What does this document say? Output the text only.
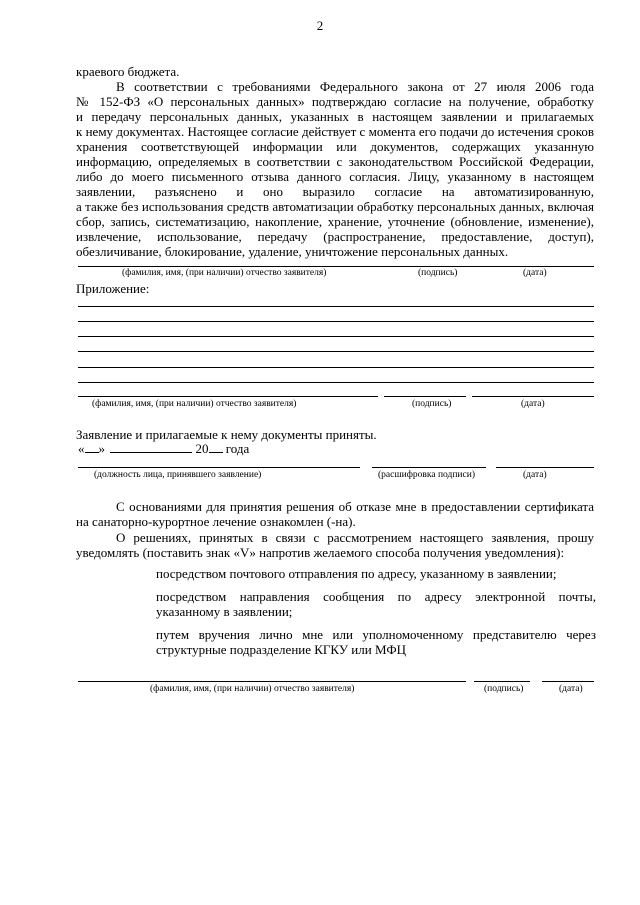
2
краевого бюджета.
В соответствии с требованиями Федерального закона от 27 июля 2006 года
№ 152-ФЗ «О персональных данных» подтверждаю согласие на получение, обработку
и передачу персональных данных, указанных в настоящем заявлении и прилагаемых
к нему документах. Настоящее согласие действует с момента его подачи до истечения сроков
хранения соответствующей информации или документов, содержащих указанную
информацию, определяемых в соответствии с законодательством Российской Федерации,
либо до моего письменного отзыва данного согласия. Лицу, указанному в настоящем
заявлении, разъяснено и оно выразило согласие на автоматизированную,
а также без использования средств автоматизации обработку персональных данных, включая
сбор, запись, систематизацию, накопление, хранение, уточнение (обновление, изменение),
извлечение, использование, передачу (распространение, предоставление, доступ),
обезличивание, блокирование, удаление, уничтожение персональных данных.
(фамилия, имя, (при наличии) отчество заявителя)	(подпись)	(дата)
Приложение:
(фамилия, имя, (при наличии) отчество заявителя)	(подпись)	(дата)
Заявление и прилагаемые к нему документы приняты.
« »	20 года
(должность лица, принявшего заявление)	(расшифровка подписи)	(дата)
С основаниями для принятия решения об отказе мне в предоставлении сертификата
на санаторно-курортное лечение ознакомлен (-на).
О решениях, принятых в связи с рассмотрением настоящего заявления, прошу
уведомлять (поставить знак «V» напротив желаемого способа получения уведомления):
посредством почтового отправления по адресу, указанному в заявлении;
посредством направления сообщения по адресу электронной почты,
указанному в заявлении;
путем вручения лично мне или уполномоченному представителю через
структурные подразделение КГКУ или МФЦ
(фамилия, имя, (при наличии) отчество заявителя)	(подпись)	(дата)
